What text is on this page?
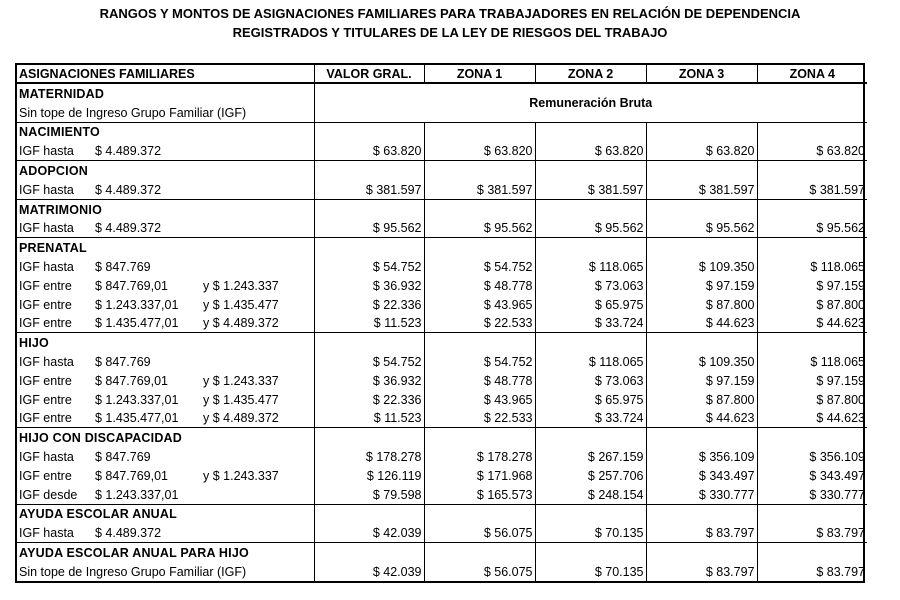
RANGOS Y MONTOS DE ASIGNACIONES FAMILIARES PARA TRABAJADORES EN RELACIÓN DE DEPENDENCIA
REGISTRADOS Y TITULARES DE LA LEY DE RIESGOS DEL TRABAJO
ASIGNACIONES FAMILIARES	VALOR GRAL.	ZONA 1	ZONA 2	ZONA 3	ZONA 4
MATERNIDAD	Remuneración Bruta				
Sin tope de Ingreso Grupo Familiar (IGF)					
NACIMIENTO					
IGF hasta $ 4.489.372	$ 63.820	$ 63.820	$ 63.820	$ 63.820	$ 63.820
ADOPCION					
IGF hasta $ 4.489.372	$ 381.597	$ 381.597	$ 381.597	$ 381.597	$ 381.597
MATRIMONIO					
IGF hasta $ 4.489.372	$ 95.562	$ 95.562	$ 95.562	$ 95.562	$ 95.562
PRENATAL					
IGF hasta $ 847.769	$ 54.752	$ 54.752	$ 118.065	$ 109.350	$ 118.065
IGF entre $ 847.769,01 y $ 1.243.337	$ 36.932	$ 48.778	$ 73.063	$ 97.159	$ 97.159
IGF entre $ 1.243.337,01 y $ 1.435.477	$ 22.336	$ 43.965	$ 65.975	$ 87.800	$ 87.800
IGF entre $ 1.435.477,01 y $ 4.489.372	$ 11.523	$ 22.533	$ 33.724	$ 44.623	$ 44.623
HIJO					
IGF hasta $ 847.769	$ 54.752	$ 54.752	$ 118.065	$ 109.350	$ 118.065
IGF entre $ 847.769,01 y $ 1.243.337	$ 36.932	$ 48.778	$ 73.063	$ 97.159	$ 97.159
IGF entre $ 1.243.337,01 y $ 1.435.477	$ 22.336	$ 43.965	$ 65.975	$ 87.800	$ 87.800
IGF entre $ 1.435.477,01 y $ 4.489.372	$ 11.523	$ 22.533	$ 33.724	$ 44.623	$ 44.623
HIJO CON DISCAPACIDAD					
IGF hasta $ 847.769	$ 178.278	$ 178.278	$ 267.159	$ 356.109	$ 356.109
IGF entre $ 847.769,01 y $ 1.243.337	$ 126.119	$ 171.968	$ 257.706	$ 343.497	$ 343.497
IGF desde $ 1.243.337,01	$ 79.598	$ 165.573	$ 248.154	$ 330.777	$ 330.777
AYUDA ESCOLAR ANUAL					
IGF hasta $ 4.489.372	$ 42.039	$ 56.075	$ 70.135	$ 83.797	$ 83.797
AYUDA ESCOLAR ANUAL PARA HIJO					
Sin tope de Ingreso Grupo Familiar (IGF)	$ 42.039	$ 56.075	$ 70.135	$ 83.797	$ 83.797
